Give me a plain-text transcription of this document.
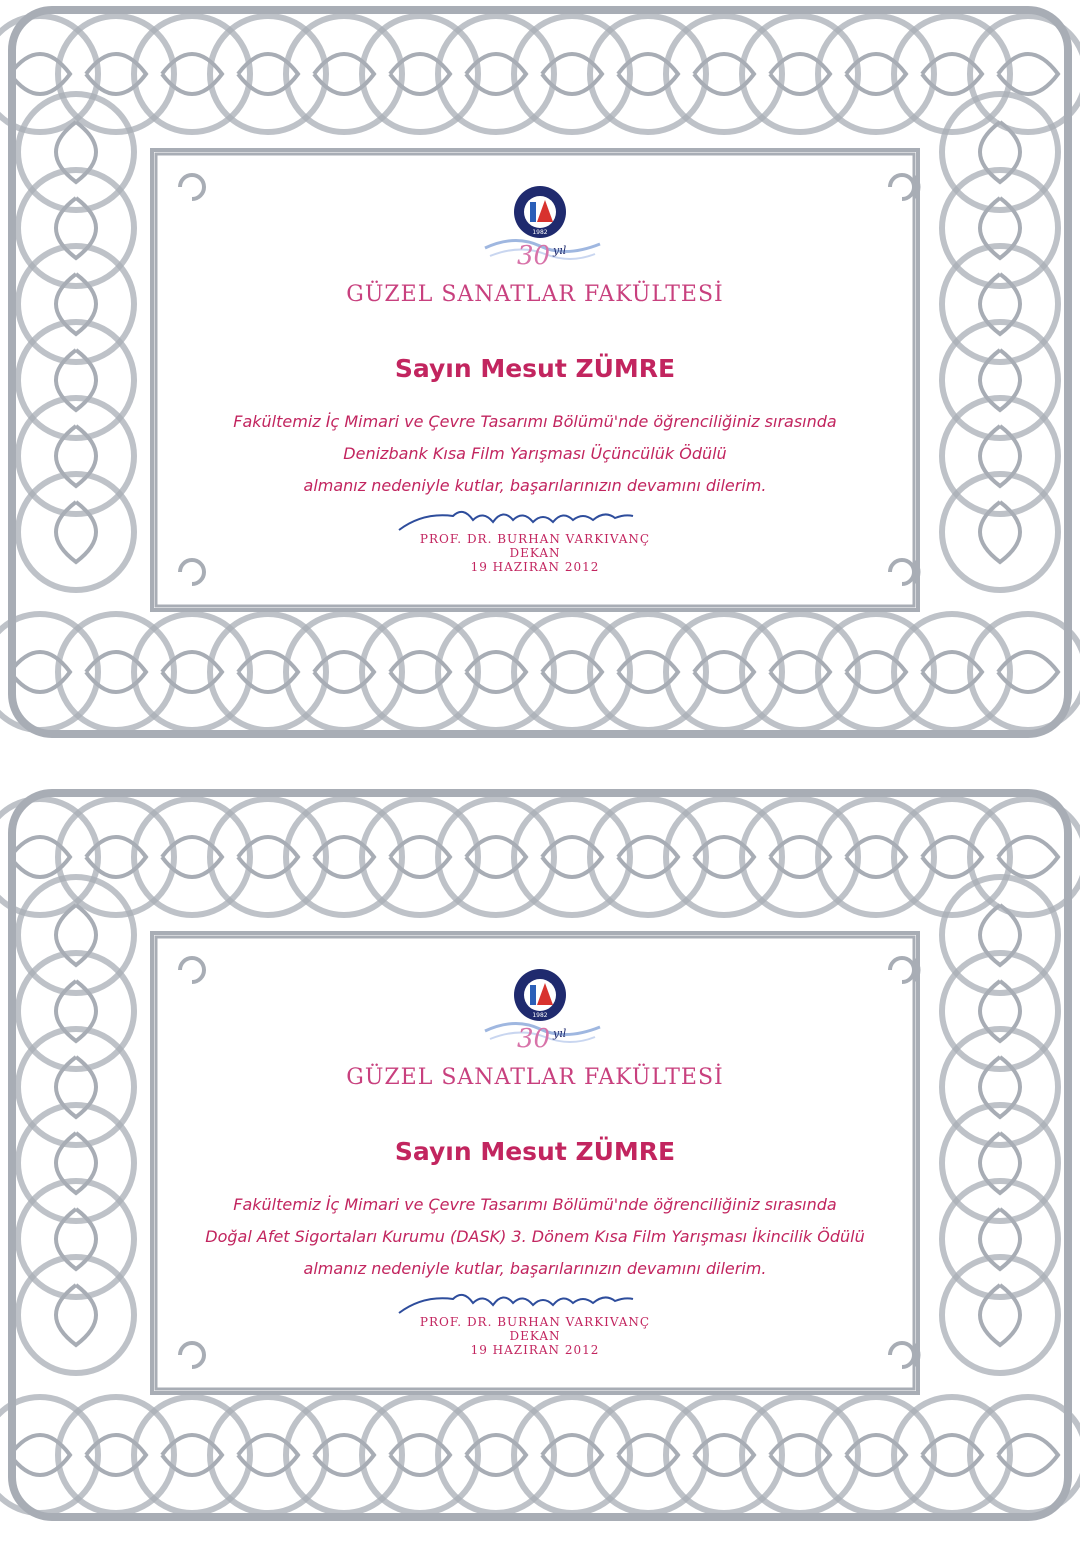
1982
30 yıl
GÜZEL SANATLAR FAKÜLTESİ
Sayın Mesut ZÜMRE
Fakültemiz İç Mimari ve Çevre Tasarımı Bölümü'nde öğrenciliğiniz sırasında
Denizbank Kısa Film Yarışması Üçüncülük Ödülü
almanız nedeniyle kutlar, başarılarınızın devamını dilerim.
PROF. DR. BURHAN VARKIVANÇ
DEKAN
19 HAZIRAN 2012
1982
30 yıl
GÜZEL SANATLAR FAKÜLTESİ
Sayın Mesut ZÜMRE
Fakültemiz İç Mimari ve Çevre Tasarımı Bölümü'nde öğrenciliğiniz sırasında
Doğal Afet Sigortaları Kurumu (DASK) 3. Dönem Kısa Film Yarışması İkincilik Ödülü
almanız nedeniyle kutlar, başarılarınızın devamını dilerim.
PROF. DR. BURHAN VARKIVANÇ
DEKAN
19 HAZIRAN 2012
